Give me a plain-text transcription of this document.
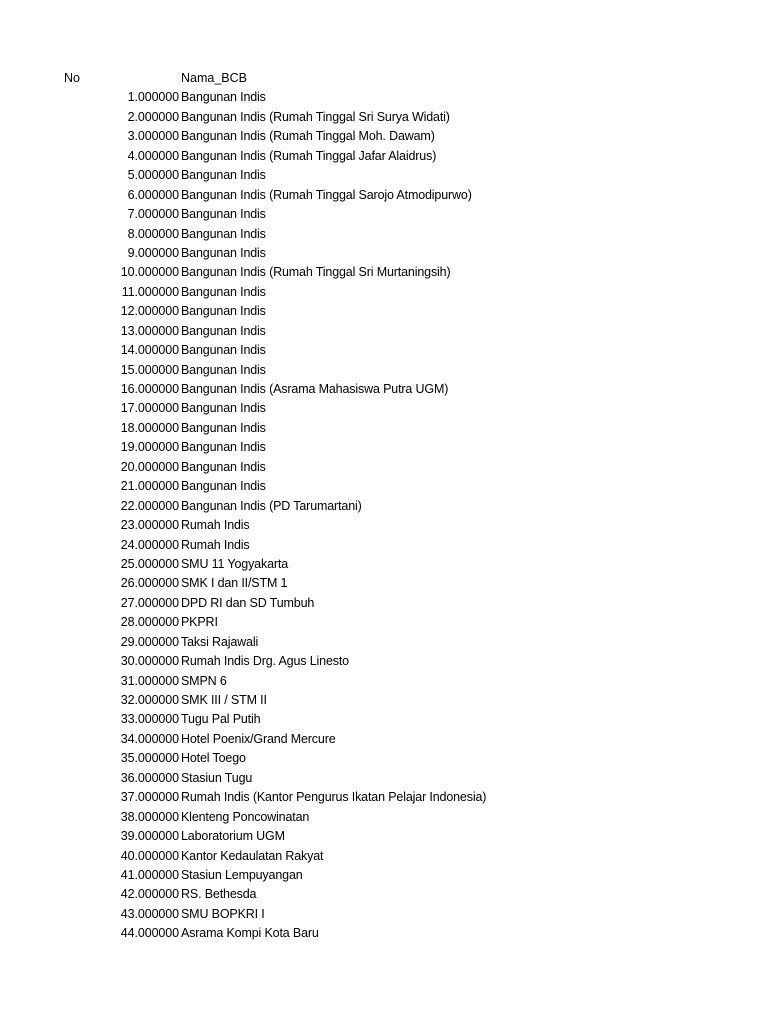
No	Nama_BCB
1.000000 Bangunan Indis
2.000000 Bangunan Indis (Rumah Tinggal Sri Surya Widati)
3.000000 Bangunan Indis (Rumah Tinggal Moh. Dawam)
4.000000 Bangunan Indis (Rumah Tinggal Jafar Alaidrus)
5.000000 Bangunan Indis
6.000000 Bangunan Indis (Rumah Tinggal Sarojo Atmodipurwo)
7.000000 Bangunan Indis
8.000000 Bangunan Indis
9.000000 Bangunan Indis
10.000000 Bangunan Indis (Rumah Tinggal Sri Murtaningsih)
11.000000 Bangunan Indis
12.000000 Bangunan Indis
13.000000 Bangunan Indis
14.000000 Bangunan Indis
15.000000 Bangunan Indis
16.000000 Bangunan Indis (Asrama Mahasiswa Putra UGM)
17.000000 Bangunan Indis
18.000000 Bangunan Indis
19.000000 Bangunan Indis
20.000000 Bangunan Indis
21.000000 Bangunan Indis
22.000000 Bangunan Indis (PD Tarumartani)
23.000000 Rumah Indis
24.000000 Rumah Indis
25.000000 SMU 11 Yogyakarta
26.000000 SMK I dan II/STM 1
27.000000 DPD RI dan SD Tumbuh
28.000000 PKPRI
29.000000 Taksi Rajawali
30.000000 Rumah Indis Drg. Agus Linesto
31.000000 SMPN 6
32.000000 SMK III / STM II
33.000000 Tugu Pal Putih
34.000000 Hotel Poenix/Grand Mercure
35.000000 Hotel Toego
36.000000 Stasiun Tugu
37.000000 Rumah Indis (Kantor Pengurus Ikatan Pelajar Indonesia)
38.000000 Klenteng Poncowinatan
39.000000 Laboratorium UGM
40.000000 Kantor Kedaulatan Rakyat
41.000000 Stasiun Lempuyangan
42.000000 RS. Bethesda
43.000000 SMU BOPKRI I
44.000000 Asrama Kompi Kota Baru
